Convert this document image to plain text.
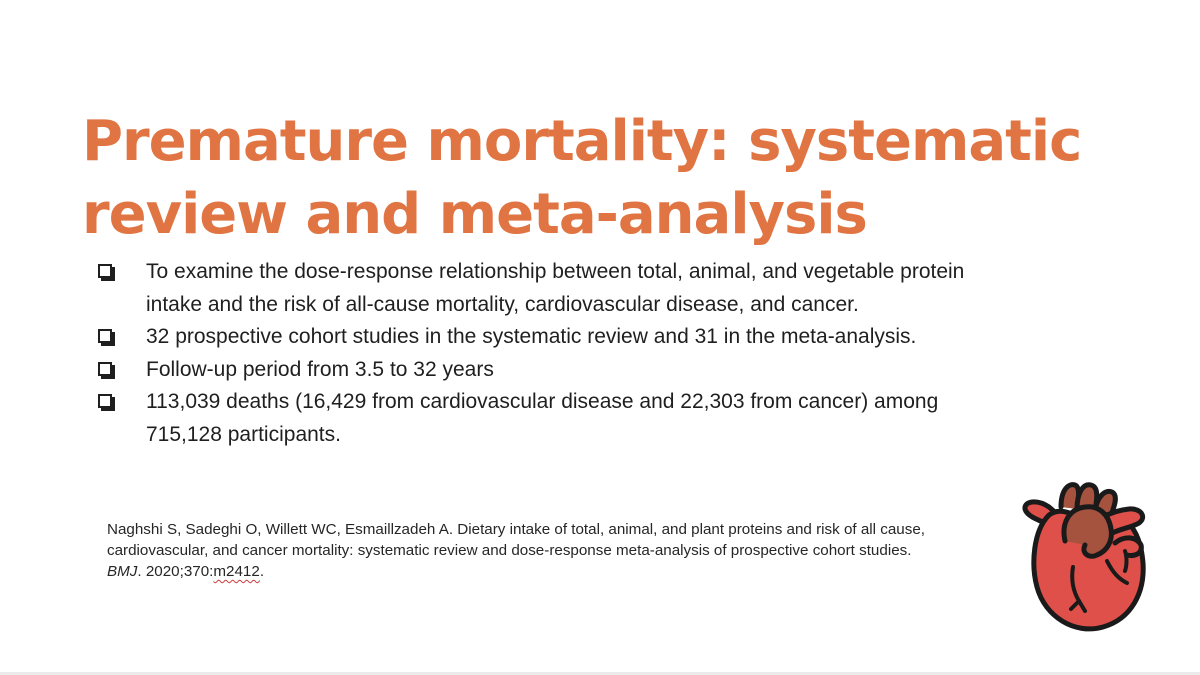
Premature mortality: systematic review and meta-analysis
To examine the dose-response relationship between total, animal, and vegetable protein intake and the risk of all-cause mortality, cardiovascular disease, and cancer.
32 prospective cohort studies in the systematic review and 31 in the meta-analysis.
Follow-up period from 3.5 to 32 years
113,039 deaths (16,429 from cardiovascular disease and 22,303 from cancer) among 715,128 participants.

Naghshi S, Sadeghi O, Willett WC, Esmaillzadeh A. Dietary intake of total, animal, and plant proteins and risk of all cause, cardiovascular, and cancer mortality: systematic review and dose-response meta-analysis of prospective cohort studies.
BMJ. 2020;370:m2412.
